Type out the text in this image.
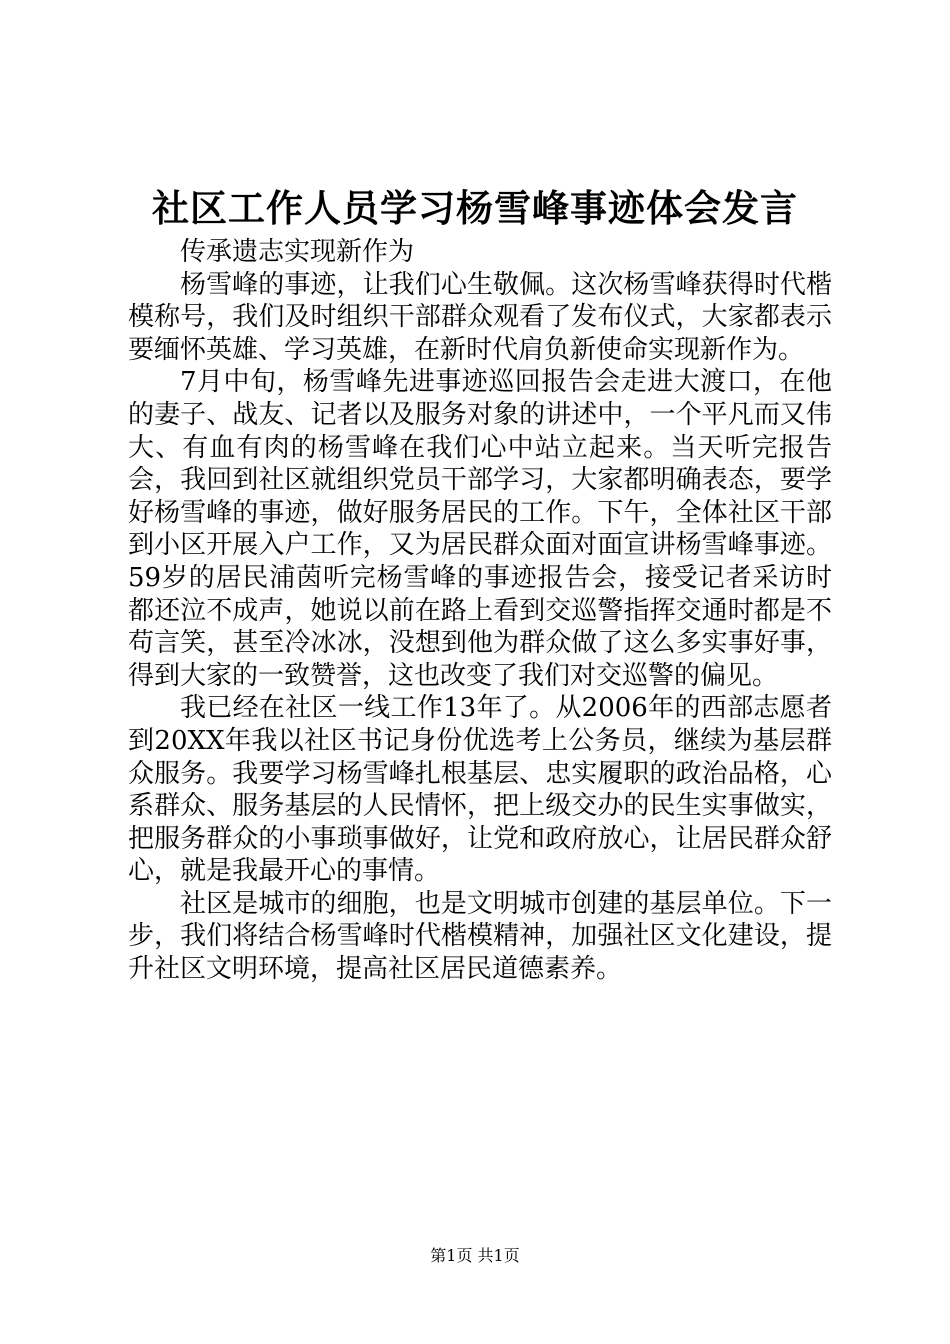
社区工作人员学习杨雪峰事迹体会发言

传承遗志实现新作为

杨雪峰的事迹，让我们心生敬佩。这次杨雪峰获得时代楷模称号，我们及时组织干部群众观看了发布仪式，大家都表示要缅怀英雄、学习英雄，在新时代肩负新使命实现新作为。

7月中旬，杨雪峰先进事迹巡回报告会走进大渡口，在他的妻子、战友、记者以及服务对象的讲述中，一个平凡而又伟大、有血有肉的杨雪峰在我们心中站立起来。当天听完报告会，我回到社区就组织党员干部学习，大家都明确表态，要学好杨雪峰的事迹，做好服务居民的工作。下午，全体社区干部到小区开展入户工作，又为居民群众面对面宣讲杨雪峰事迹。59岁的居民浦茵听完杨雪峰的事迹报告会，接受记者采访时都还泣不成声，她说以前在路上看到交巡警指挥交通时都是不苟言笑，甚至冷冰冰，没想到他为群众做了这么多实事好事，得到大家的一致赞誉，这也改变了我们对交巡警的偏见。

我已经在社区一线工作13年了。从2006年的西部志愿者到20XX年我以社区书记身份优选考上公务员，继续为基层群众服务。我要学习杨雪峰扎根基层、忠实履职的政治品格，心系群众、服务基层的人民情怀，把上级交办的民生实事做实，把服务群众的小事琐事做好，让党和政府放心，让居民群众舒心，就是我最开心的事情。

社区是城市的细胞，也是文明城市创建的基层单位。下一步，我们将结合杨雪峰时代楷模精神，加强社区文化建设，提升社区文明环境，提高社区居民道德素养。

第1页 共1页
